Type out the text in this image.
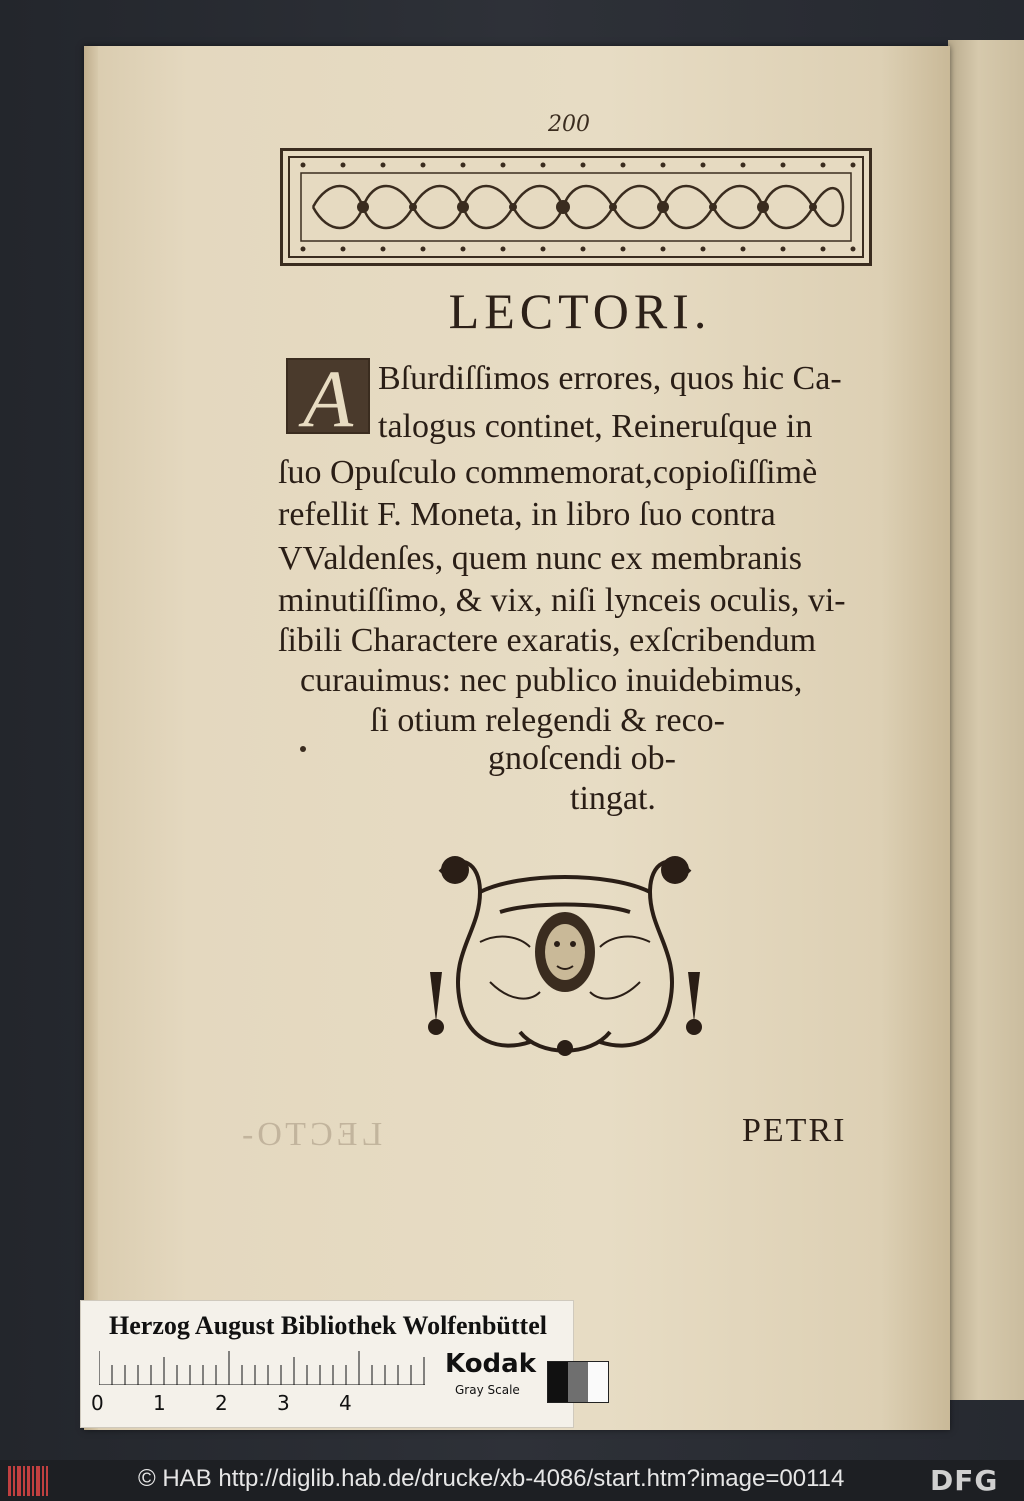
200
LECTORI.
A Bſurdiſſimos errores, quos hic Ca-
talogus continet, Reineruſque in
ſuo Opuſculo commemorat,copioſiſſimè
refellit F. Moneta, in libro ſuo contra
VValdenſes, quem nunc ex membranis
minutiſſimo, & vix, niſi lynceis oculis, vi-
ſibili Charactere exaratis, exſcribendum
curauimus: nec publico inuidebimus,
ſi otium relegendi & reco-
gnoſcendi ob-
tingat.
LECTO-	PETRI
Herzog August Bibliothek Wolfenbüttel
0 1 2 3 4
Kodak
Gray Scale
© HAB http://diglib.hab.de/drucke/xb-4086/start.htm?image=00114	DFG
